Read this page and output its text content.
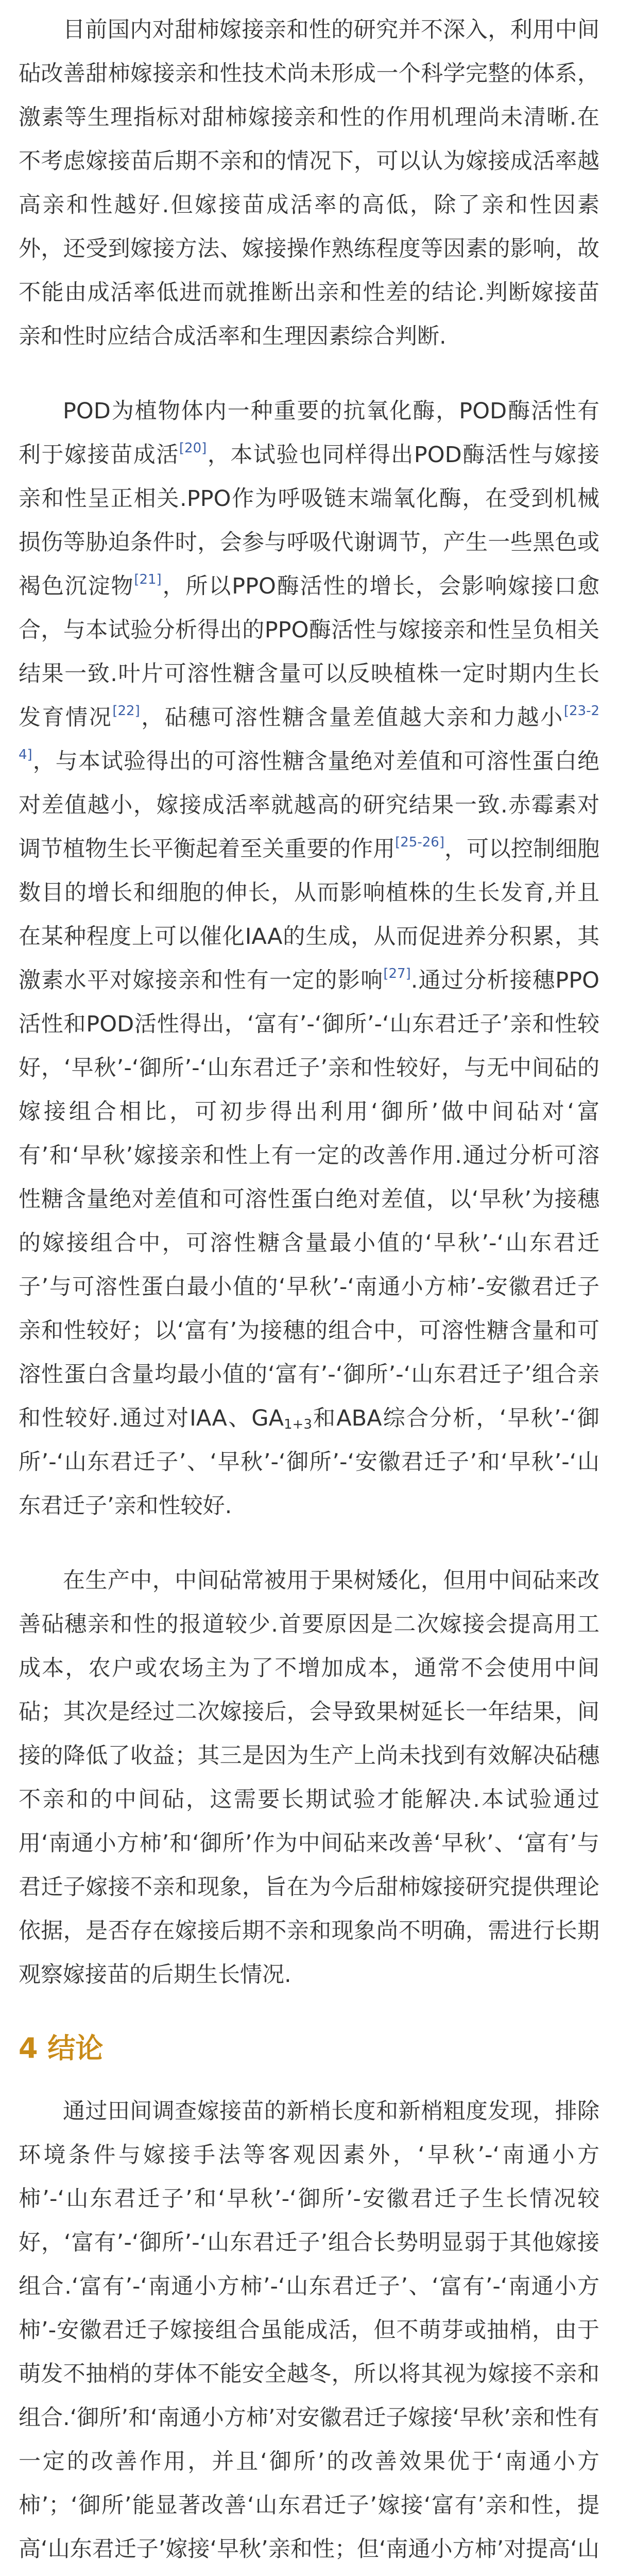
目前国内对甜柿嫁接亲和性的研究并不深入，利用中间砧改善甜柿嫁接亲和性技术尚未形成一个科学完整的体系，激素等生理指标对甜柿嫁接亲和性的作用机理尚未清晰.在不考虑嫁接苗后期不亲和的情况下，可以认为嫁接成活率越高亲和性越好.但嫁接苗成活率的高低，除了亲和性因素外，还受到嫁接方法、嫁接操作熟练程度等因素的影响，故不能由成活率低进而就推断出亲和性差的结论.判断嫁接苗亲和性时应结合成活率和生理因素综合判断.

POD为植物体内一种重要的抗氧化酶，POD酶活性有利于嫁接苗成活[20]，本试验也同样得出POD酶活性与嫁接亲和性呈正相关.PPO作为呼吸链末端氧化酶，在受到机械损伤等胁迫条件时，会参与呼吸代谢调节，产生一些黑色或褐色沉淀物[21]，所以PPO酶活性的增长，会影响嫁接口愈合，与本试验分析得出的PPO酶活性与嫁接亲和性呈负相关结果一致.叶片可溶性糖含量可以反映植株一定时期内生长发育情况[22]，砧穗可溶性糖含量差值越大亲和力越小[23-24]，与本试验得出的可溶性糖含量绝对差值和可溶性蛋白绝对差值越小，嫁接成活率就越高的研究结果一致.赤霉素对调节植物生长平衡起着至关重要的作用[25-26]，可以控制细胞数目的增长和细胞的伸长，从而影响植株的生长发育,并且在某种程度上可以催化IAA的生成，从而促进养分积累，其激素水平对嫁接亲和性有一定的影响[27].通过分析接穗PPO活性和POD活性得出，‘富有’-‘御所’-‘山东君迁子’亲和性较好，‘早秋’-‘御所’-‘山东君迁子’亲和性较好，与无中间砧的嫁接组合相比，可初步得出利用‘御所’做中间砧对‘富有’和‘早秋’嫁接亲和性上有一定的改善作用.通过分析可溶性糖含量绝对差值和可溶性蛋白绝对差值，以‘早秋’为接穗的嫁接组合中，可溶性糖含量最小值的‘早秋’-‘山东君迁子’与可溶性蛋白最小值的‘早秋’-‘南通小方柿’-安徽君迁子亲和性较好；以‘富有’为接穗的组合中，可溶性糖含量和可溶性蛋白含量均最小值的‘富有’-‘御所’-‘山东君迁子’组合亲和性较好.通过对IAA、$GA_{1+3}$和ABA综合分析，‘早秋’-‘御所’-‘山东君迁子’、‘早秋’-‘御所’-‘安徽君迁子’和‘早秋’-‘山东君迁子’亲和性较好.

在生产中，中间砧常被用于果树矮化，但用中间砧来改善砧穗亲和性的报道较少.首要原因是二次嫁接会提高用工成本，农户或农场主为了不增加成本，通常不会使用中间砧；其次是经过二次嫁接后，会导致果树延长一年结果，间接的降低了收益；其三是因为生产上尚未找到有效解决砧穗不亲和的中间砧，这需要长期试验才能解决.本试验通过用‘南通小方柿’和‘御所’作为中间砧来改善‘早秋’、‘富有’与君迁子嫁接不亲和现象，旨在为今后甜柿嫁接研究提供理论依据，是否存在嫁接后期不亲和现象尚不明确，需进行长期观察嫁接苗的后期生长情况.

4 结论

通过田间调查嫁接苗的新梢长度和新梢粗度发现，排除环境条件与嫁接手法等客观因素外，‘早秋’-‘南通小方柿’-‘山东君迁子’和‘早秋’-‘御所’-安徽君迁子生长情况较好，‘富有’-‘御所’-‘山东君迁子’组合长势明显弱于其他嫁接组合.‘富有’-‘南通小方柿’-‘山东君迁子’、‘富有’-‘南通小方柿’-安徽君迁子嫁接组合虽能成活，但不萌芽或抽梢，由于萌发不抽梢的芽体不能安全越冬，所以将其视为嫁接不亲和组合.‘御所’和‘南通小方柿’对安徽君迁子嫁接‘早秋’亲和性有一定的改善作用，并且‘御所’的改善效果优于‘南通小方柿’；‘御所’能显著改善‘山东君迁子’嫁接‘富有’亲和性，提高‘山东君迁子’嫁接‘早秋’亲和性；但‘南通小方柿’对提高‘山
